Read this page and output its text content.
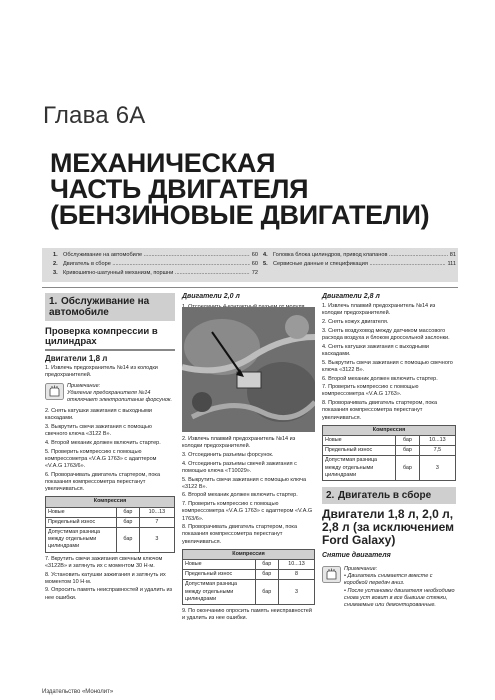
Глава 6А
МЕХАНИЧЕСКАЯ
ЧАСТЬ ДВИГАТЕЛЯ
(БЕНЗИНОВЫЕ ДВИГАТЕЛИ)
1. Обслуживание на автомобиле .....	60
2. Двигатель в сборе .....	60
3. Кривошипно-шатунный механизм, поршни .....	72
4. Головка блока цилиндров, привод клапанов .....	81
5. Сервисные данные и спецификация .....	111
1. Обслуживание на автомобиле
Проверка компрессии в цилиндрах
Двигатели 1,8 л

1. Извлечь предохранитель №14 из колодки предохранителей.

Примечание:
Удаление предохранителя №14 отключает электропитание форсунок.

2. Снять катушки зажигания с выходными каскадами.

3. Выкрутить свечи зажигания с помощью свечного ключа «3122 В».

4. Второй механик должен включить стартер.

5. Проверить компрессию с помощью компрессометра «V.A.G 1763» с адаптером «V.A.G 1763/6».

6. Проворачивать двигатель стартером, пока показания компрессометра перестанут увеличиваться.

Компрессия		
Новые	бар	10...13
Предельный износ	бар	7
Допустимая разница между отдельными цилиндрами	бар	3

7. Вкрутить свечи зажигания свечным ключом «3122В» и затянуть их с моментом 30 Н·м.

8. Установить катушки зажигания и затянуть их моментом 10 Н·м.

9. Опросить память неисправностей и удалить из нее ошибки.

Двигатели 2,0 л

2. Извлечь плавкий предохранитель №14 из колодки предохранителей.

3. Отсоединить разъемы форсунок.

4. Отсоединить разъемы свечей зажигания с помощью ключа «Т10029».

5. Выкрутить свечи зажигания с помощью ключа «3122 В».

6. Второй механик должен включить стартер.

7. Проверить компрессию с помощью компрессометра «V.A.G 1763» с адаптером «V.A.G 1763/6».

8. Проворачивать двигатель стартером, пока показания компрессометра перестанут увеличиваться.

Компрессия		
Новые	бар	10...13
Предельный износ	бар	8
Допустимая разница между отдельными цилиндрами	бар	3

9. По окончанию опросить память неисправностей и удалить из нее ошибки.

Двигатели 2,8 л

1. Извлечь плавкий предохранитель №14 из колодки предохранителей.

2. Снять кожух двигателя.

3. Снять воздуховод между датчиком массового расхода воздуха и блоком дроссельной заслонки.

4. Снять катушки зажигания с выходными каскадами.

5. Выкрутить свечи зажигания с помощью свечного ключа «3122 В».

6. Второй механик должен включить стартер.

7. Проверить компрессию с помощью компрессометра «V.A.G 1763».

8. Проворачивать двигатель стартером, пока показания компрессометра перестанут увеличиваться.

Компрессия		
Новые	бар	10...13
Предельный износ	бар	7,5
Допустимая разница между отдельными цилиндрами	бар	3
2. Двигатель в сборе
Двигатели 1,8 л, 2,0 л, 2,8 л (за исключением Ford Galaxy)
Снятие двигателя
Примечание:
• Двигатель снимается вместе с коробкой передач вниз.
• После установки двигателя необходимо снова уст вовит в все бывшие стяжки, снимаемые или демонтированные.
Издательство «Монолит»
